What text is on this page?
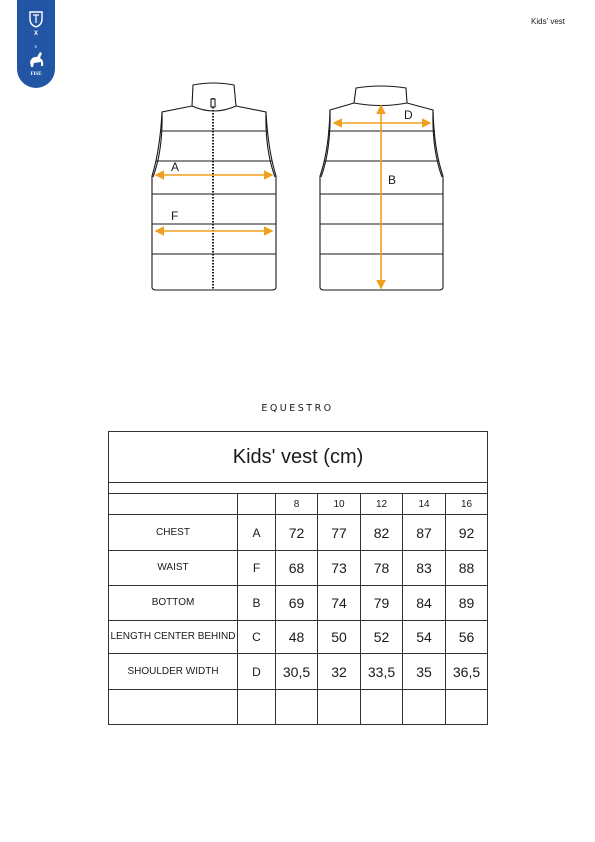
X
E
FISE
Kids' vest
A
F
D
B
EQUESTRO
Kids' vest (cm)						

		8	10	12	14	16
CHEST	A	72	77	82	87	92
WAIST	F	68	73	78	83	88
BOTTOM	B	69	74	79	84	89
LENGTH CENTER BEHIND	C	48	50	52	54	56
SHOULDER WIDTH	D	30,5	32	33,5	35	36,5
